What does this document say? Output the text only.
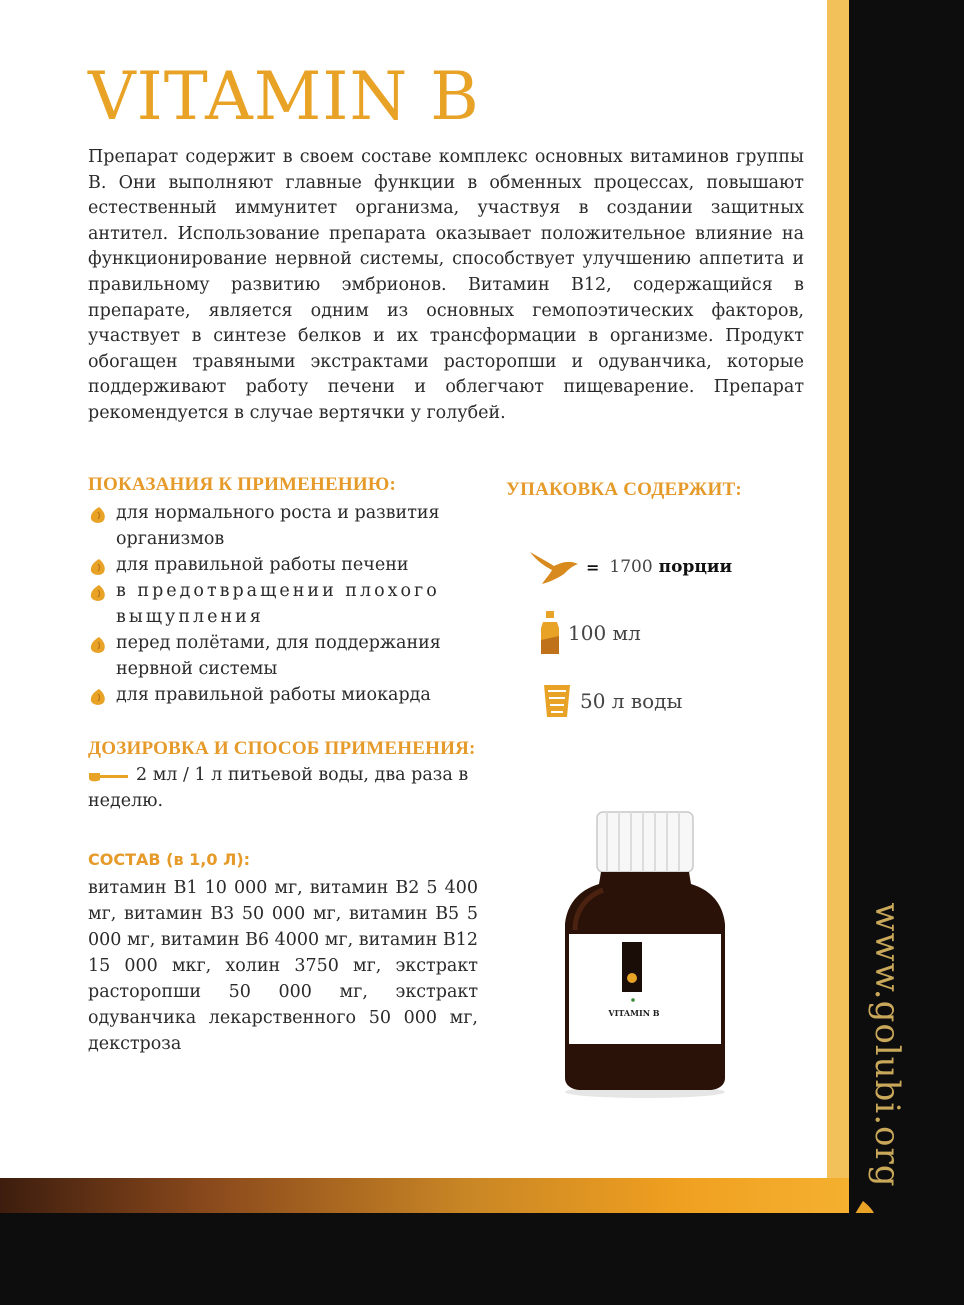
www.golubi.org
VITAMIN B

Препарат содержит в своем составе комплекс основных витаминов группы В. Они выполняют главные функции в обменных процессах, повышают естественный иммунитет организма, участвуя в создании защитных антител. Использование препарата оказывает положительное влияние на функционирование нервной системы, способствует улучшению аппетита и правильному развитию эмбрионов. Витамин В12, содержащийся в препарате, является одним из основных гемопоэтических факторов, участвует в синтезе белков и их трансформации в организме. Продукт обогащен травяными экстрактами расторопши и одуванчика, которые поддерживают работу печени и облегчают пищеварение. Препарат рекомендуется в случае вертячки у голубей.

ПОКАЗАНИЯ К ПРИМЕНЕНИЮ:
для нормального роста и развития организмов
для правильной работы печени
в предотвращении плохого выщупления
перед полётами, для поддержания нервной системы
для правильной работы миокарда
ДОЗИРОВКА И СПОСОБ ПРИМЕНЕНИЯ:
2 мл / 1 л питьевой воды, два раза в неделю.
СОСТАВ (в 1,0 Л):

витамин В1 10 000 мг, витамин В2 5 400 мг, витамин В3 50 000 мг, витамин В5 5 000 мг, витамин В6 4000 мг, витамин В12 15 000 мкг, холин 3750 мг, экстракт расторопши 50 000 мг, экстракт одуванчика лекарственного 50 000 мг, декстроза

УПАКОВКА СОДЕРЖИТ:
= 1700 порции
100 мл
50 л воды
VITAMIN B
